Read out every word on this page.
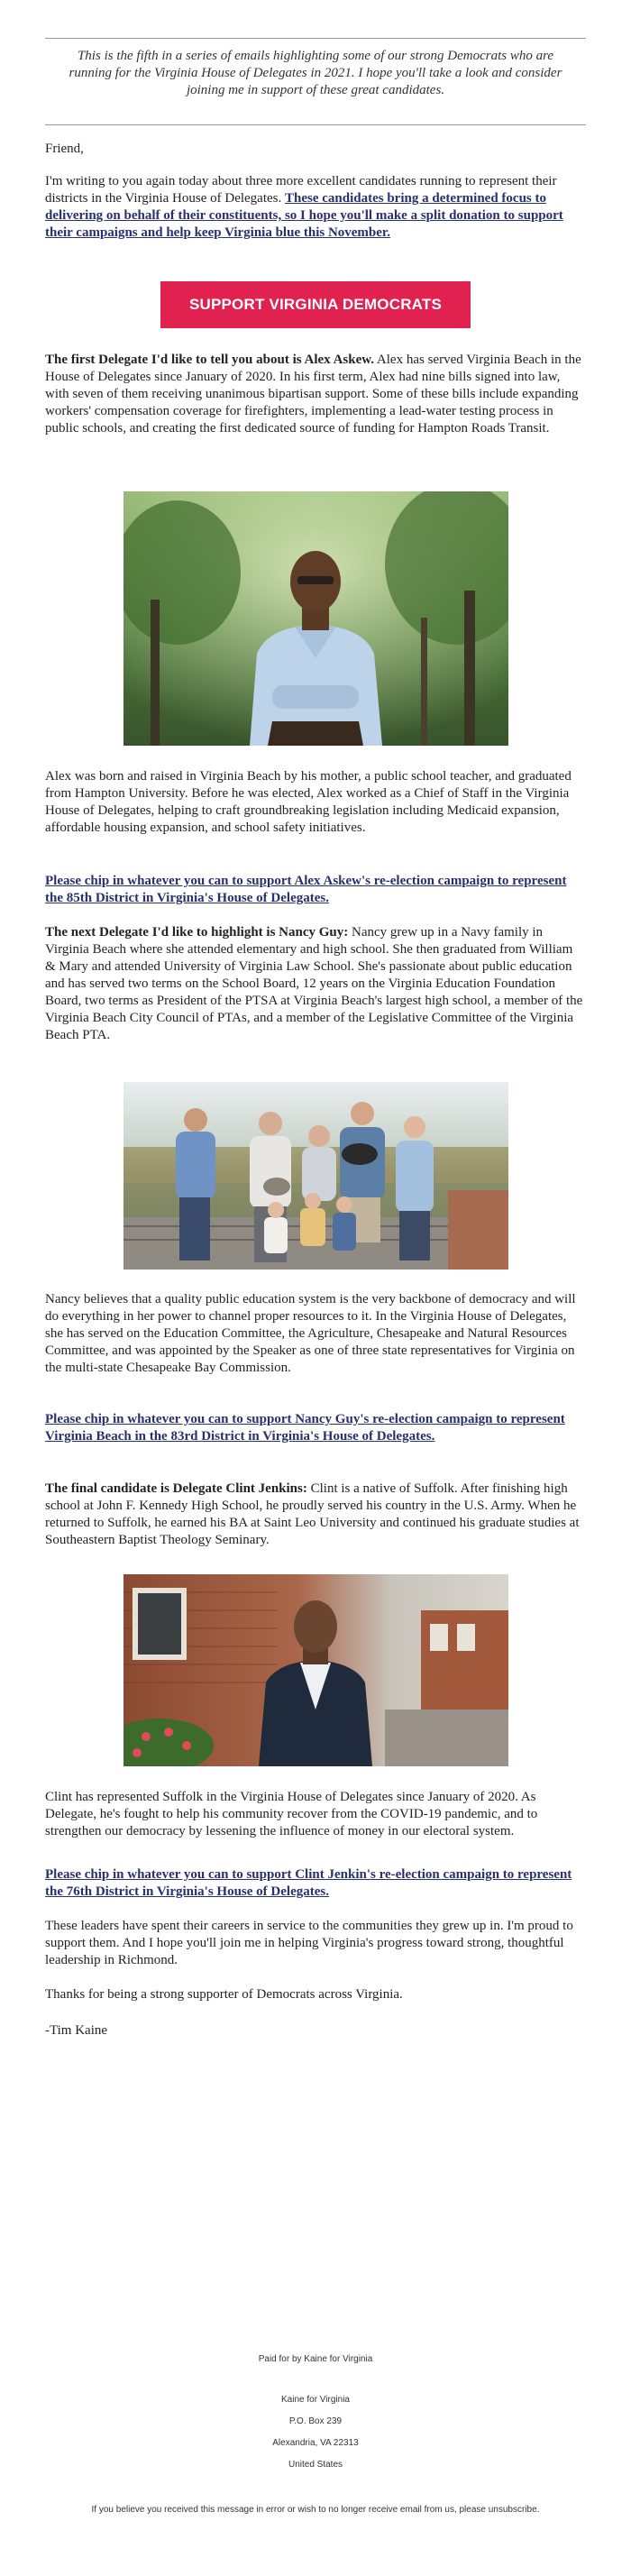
This is the fifth in a series of emails highlighting some of our strong Democrats who are running for the Virginia House of Delegates in 2021. I hope you'll take a look and consider joining me in support of these great candidates.

Friend,

I'm writing to you again today about three more excellent candidates running to represent their districts in the Virginia House of Delegates. These candidates bring a determined focus to delivering on behalf of their constituents, so I hope you'll make a split donation to support their campaigns and help keep Virginia blue this November.

SUPPORT VIRGINIA DEMOCRATS

The first Delegate I'd like to tell you about is Alex Askew. Alex has served Virginia Beach in the House of Delegates since January of 2020. In his first term, Alex had nine bills signed into law, with seven of them receiving unanimous bipartisan support. Some of these bills include expanding workers' compensation coverage for firefighters, implementing a lead-water testing process in public schools, and creating the first dedicated source of funding for Hampton Roads Transit.

Alex was born and raised in Virginia Beach by his mother, a public school teacher, and graduated from Hampton University. Before he was elected, Alex worked as a Chief of Staff in the Virginia House of Delegates, helping to craft groundbreaking legislation including Medicaid expansion, affordable housing expansion, and school safety initiatives.

Please chip in whatever you can to support Alex Askew's re-election campaign to represent the 85th District in Virginia's House of Delegates.

The next Delegate I'd like to highlight is Nancy Guy: Nancy grew up in a Navy family in Virginia Beach where she attended elementary and high school. She then graduated from William & Mary and attended University of Virginia Law School. She's passionate about public education and has served two terms on the School Board, 12 years on the Virginia Education Foundation Board, two terms as President of the PTSA at Virginia Beach's largest high school, a member of the Virginia Beach City Council of PTAs, and a member of the Legislative Committee of the Virginia Beach PTA.

Nancy believes that a quality public education system is the very backbone of democracy and will do everything in her power to channel proper resources to it. In the Virginia House of Delegates, she has served on the Education Committee, the Agriculture, Chesapeake and Natural Resources Committee, and was appointed by the Speaker as one of three state representatives for Virginia on the multi-state Chesapeake Bay Commission.

Please chip in whatever you can to support Nancy Guy's re-election campaign to represent Virginia Beach in the 83rd District in Virginia's House of Delegates.

The final candidate is Delegate Clint Jenkins: Clint is a native of Suffolk. After finishing high school at John F. Kennedy High School, he proudly served his country in the U.S. Army. When he returned to Suffolk, he earned his BA at Saint Leo University and continued his graduate studies at Southeastern Baptist Theology Seminary.

Clint has represented Suffolk in the Virginia House of Delegates since January of 2020. As Delegate, he's fought to help his community recover from the COVID-19 pandemic, and to strengthen our democracy by lessening the influence of money in our electoral system.

Please chip in whatever you can to support Clint Jenkin's re-election campaign to represent the 76th District in Virginia's House of Delegates.

These leaders have spent their careers in service to the communities they grew up in. I'm proud to support them. And I hope you'll join me in helping Virginia's progress toward strong, thoughtful leadership in Richmond.

Thanks for being a strong supporter of Democrats across Virginia.

-Tim Kaine

Paid for by Kaine for Virginia
Kaine for Virginia
P.O. Box 239
Alexandria, VA 22313
United States
If you believe you received this message in error or wish to no longer receive email from us, please unsubscribe.
